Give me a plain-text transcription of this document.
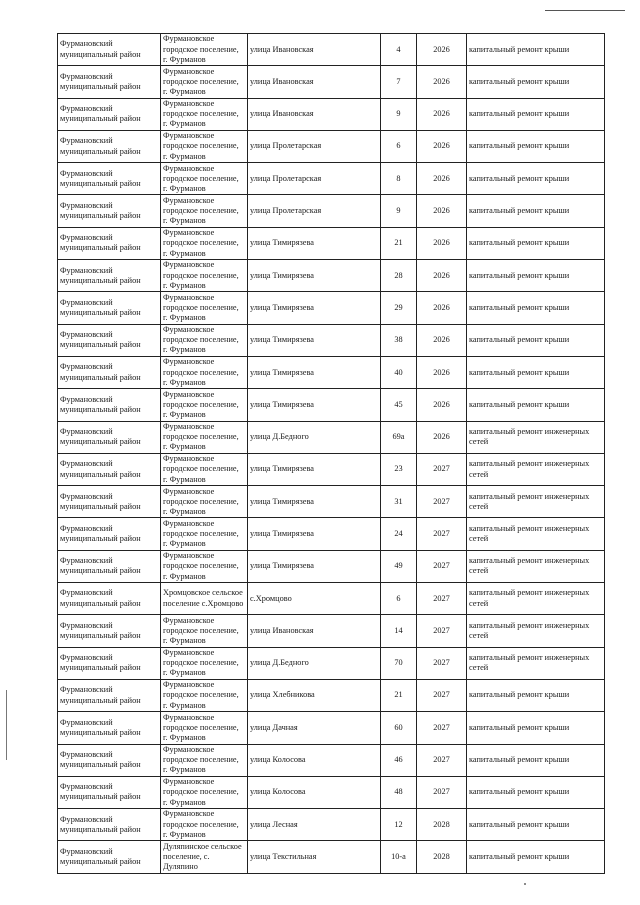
Фурмановский муниципальный район	Фурмановское городское поселение, г. Фурманов	улица Ивановская	4	2026	капитальный ремонт крыши
Фурмановский муниципальный район	Фурмановское городское поселение, г. Фурманов	улица Ивановская	7	2026	капитальный ремонт крыши
Фурмановский муниципальный район	Фурмановское городское поселение, г. Фурманов	улица Ивановская	9	2026	капитальный ремонт крыши
Фурмановский муниципальный район	Фурмановское городское поселение, г. Фурманов	улица Пролетарская	6	2026	капитальный ремонт крыши
Фурмановский муниципальный район	Фурмановское городское поселение, г. Фурманов	улица Пролетарская	8	2026	капитальный ремонт крыши
Фурмановский муниципальный район	Фурмановское городское поселение, г. Фурманов	улица Пролетарская	9	2026	капитальный ремонт крыши
Фурмановский муниципальный район	Фурмановское городское поселение, г. Фурманов	улица Тимирязева	21	2026	капитальный ремонт крыши
Фурмановский муниципальный район	Фурмановское городское поселение, г. Фурманов	улица Тимирязева	28	2026	капитальный ремонт крыши
Фурмановский муниципальный район	Фурмановское городское поселение, г. Фурманов	улица Тимирязева	29	2026	капитальный ремонт крыши
Фурмановский муниципальный район	Фурмановское городское поселение, г. Фурманов	улица Тимирязева	38	2026	капитальный ремонт крыши
Фурмановский муниципальный район	Фурмановское городское поселение, г. Фурманов	улица Тимирязева	40	2026	капитальный ремонт крыши
Фурмановский муниципальный район	Фурмановское городское поселение, г. Фурманов	улица Тимирязева	45	2026	капитальный ремонт крыши
Фурмановский муниципальный район	Фурмановское городское поселение, г. Фурманов	улица Д.Бедного	69а	2026	капитальный ремонт инженерных сетей
Фурмановский муниципальный район	Фурмановское городское поселение, г. Фурманов	улица Тимирязева	23	2027	капитальный ремонт инженерных сетей
Фурмановский муниципальный район	Фурмановское городское поселение, г. Фурманов	улица Тимирязева	31	2027	капитальный ремонт инженерных сетей
Фурмановский муниципальный район	Фурмановское городское поселение, г. Фурманов	улица Тимирязева	24	2027	капитальный ремонт инженерных сетей
Фурмановский муниципальный район	Фурмановское городское поселение, г. Фурманов	улица Тимирязева	49	2027	капитальный ремонт инженерных сетей
Фурмановский муниципальный район	Хромцовское сельское поселение с.Хромцово	с.Хромцово	6	2027	капитальный ремонт инженерных сетей
Фурмановский муниципальный район	Фурмановское городское поселение, г. Фурманов	улица Ивановская	14	2027	капитальный ремонт инженерных сетей
Фурмановский муниципальный район	Фурмановское городское поселение, г. Фурманов	улица Д.Бедного	70	2027	капитальный ремонт инженерных сетей
Фурмановский муниципальный район	Фурмановское городское поселение, г. Фурманов	улица Хлебникова	21	2027	капитальный ремонт крыши
Фурмановский муниципальный район	Фурмановское городское поселение, г. Фурманов	улица Дачная	60	2027	капитальный ремонт крыши
Фурмановский муниципальный район	Фурмановское городское поселение, г. Фурманов	улица Колосова	46	2027	капитальный ремонт крыши
Фурмановский муниципальный район	Фурмановское городское поселение, г. Фурманов	улица Колосова	48	2027	капитальный ремонт крыши
Фурмановский муниципальный район	Фурмановское городское поселение, г. Фурманов	улица Лесная	12	2028	капитальный ремонт крыши
Фурмановский муниципальный район	Дуляпинское сельское поселение, с. Дуляпино	улица Текстильная	10-а	2028	капитальный ремонт крыши
